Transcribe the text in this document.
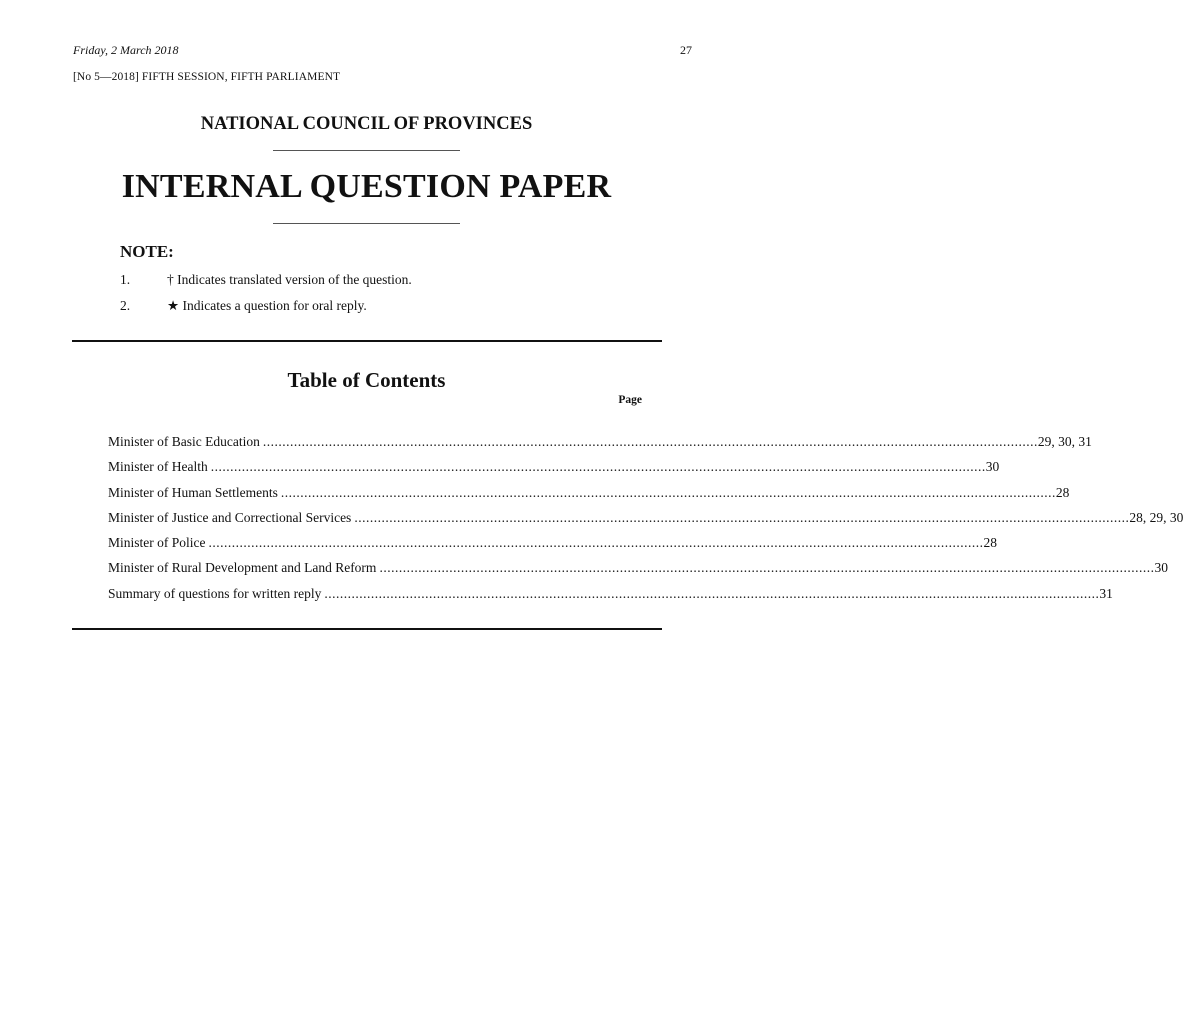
Friday, 2 March 2018	27
[No 5—2018] FIFTH SESSION, FIFTH PARLIAMENT
NATIONAL COUNCIL OF PROVINCES
INTERNAL QUESTION PAPER
NOTE:
1.	† Indicates translated version of the question.
2.	★ Indicates a question for oral reply.
Table of Contents
Page
Minister of Basic Education ........................................................................................................................................................................................................ 29, 30, 31
Minister of Health ........................................................................................................................................................................................................ 30
Minister of Human Settlements ........................................................................................................................................................................................................ 28
Minister of Justice and Correctional Services ........................................................................................................................................................................................................ 28, 29, 30
Minister of Police ........................................................................................................................................................................................................ 28
Minister of Rural Development and Land Reform ........................................................................................................................................................................................................ 30
Summary of questions for written reply ........................................................................................................................................................................................................ 31
